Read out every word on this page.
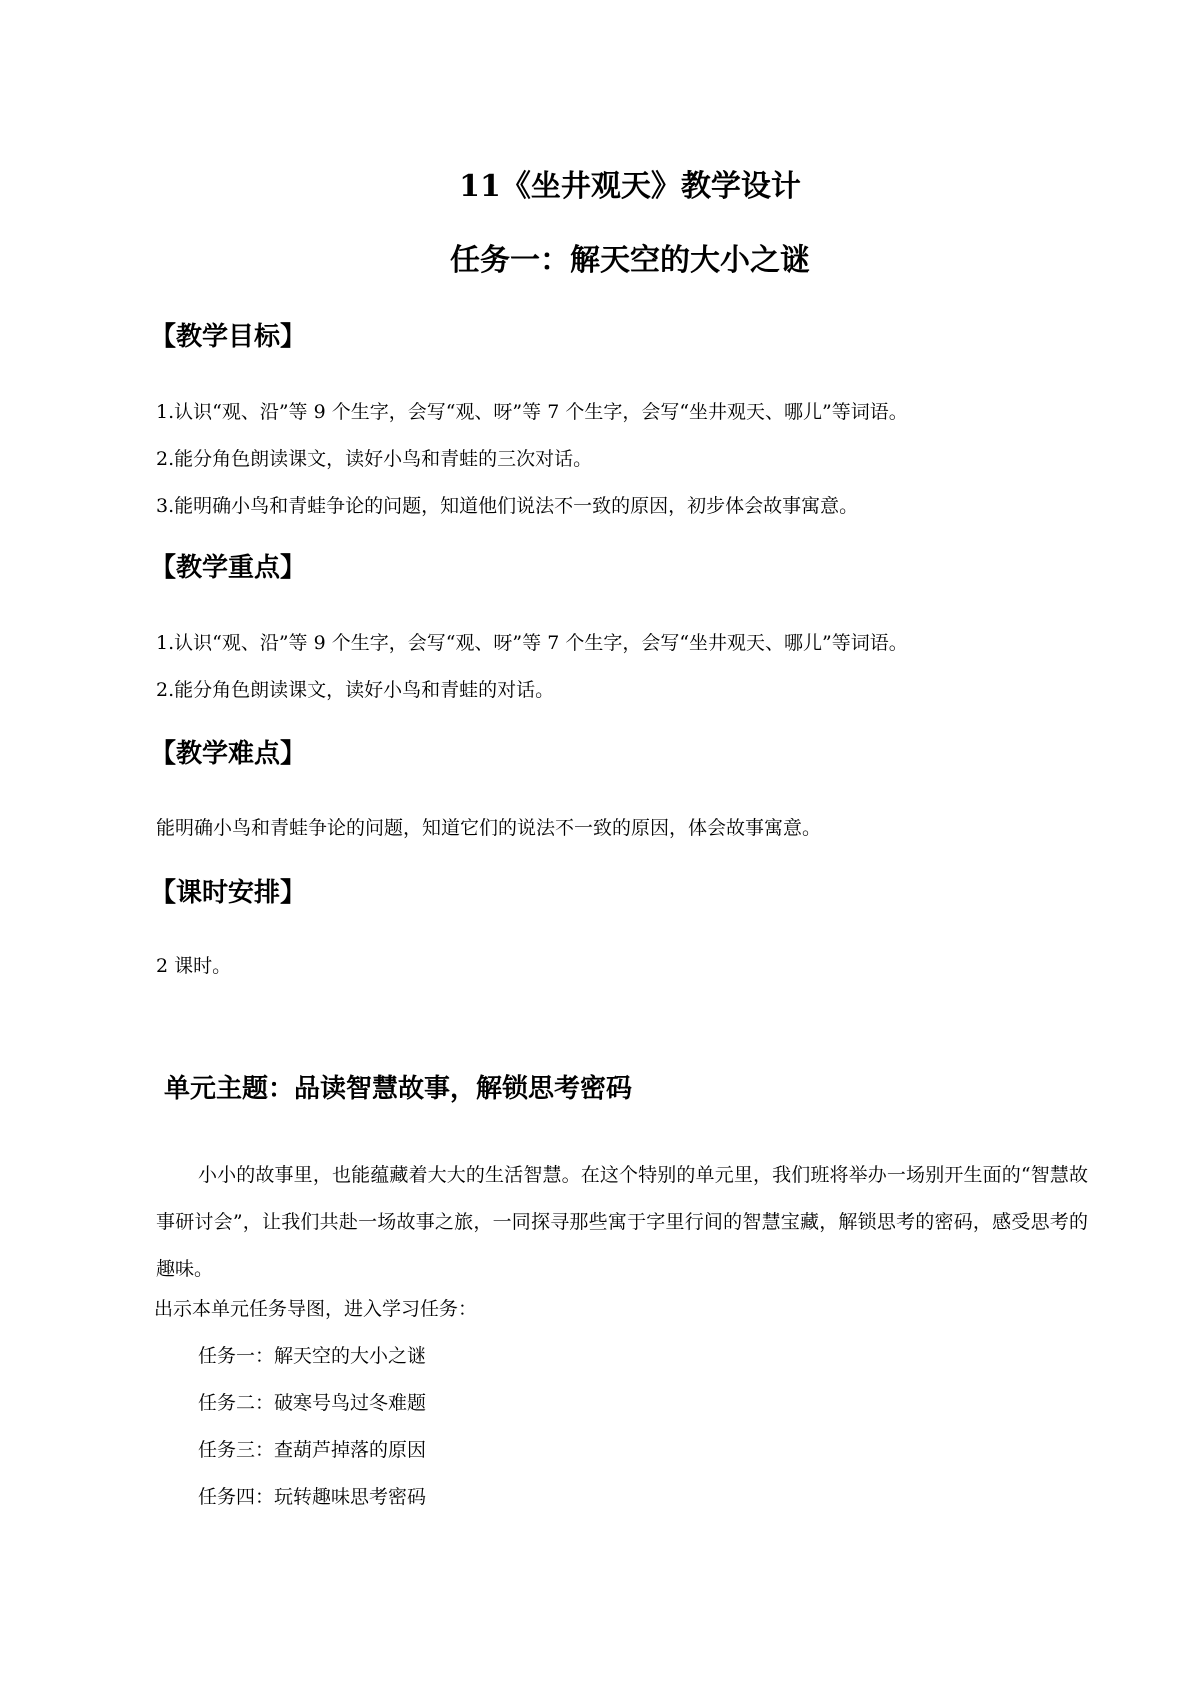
11《坐井观天》教学设计
任务一：解天空的大小之谜
【教学目标】
1.认识“观、沿”等 9 个生字，会写“观、呀”等 7 个生字，会写“坐井观天、哪儿”等词语。
2.能分角色朗读课文，读好小鸟和青蛙的三次对话。
3.能明确小鸟和青蛙争论的问题，知道他们说法不一致的原因，初步体会故事寓意。
【教学重点】
1.认识“观、沿”等 9 个生字，会写“观、呀”等 7 个生字，会写“坐井观天、哪儿”等词语。
2.能分角色朗读课文，读好小鸟和青蛙的对话。
【教学难点】
能明确小鸟和青蛙争论的问题，知道它们的说法不一致的原因，体会故事寓意。
【课时安排】
2 课时。
单元主题：品读智慧故事，解锁思考密码
小小的故事里，也能蕴藏着大大的生活智慧。在这个特别的单元里，我们班将举办一场别开生面的“智慧故事研讨会”，让我们共赴一场故事之旅，一同探寻那些寓于字里行间的智慧宝藏，解锁思考的密码，感受思考的趣味。
出示本单元任务导图，进入学习任务：
任务一：解天空的大小之谜
任务二：破寒号鸟过冬难题
任务三：查葫芦掉落的原因
任务四：玩转趣味思考密码
